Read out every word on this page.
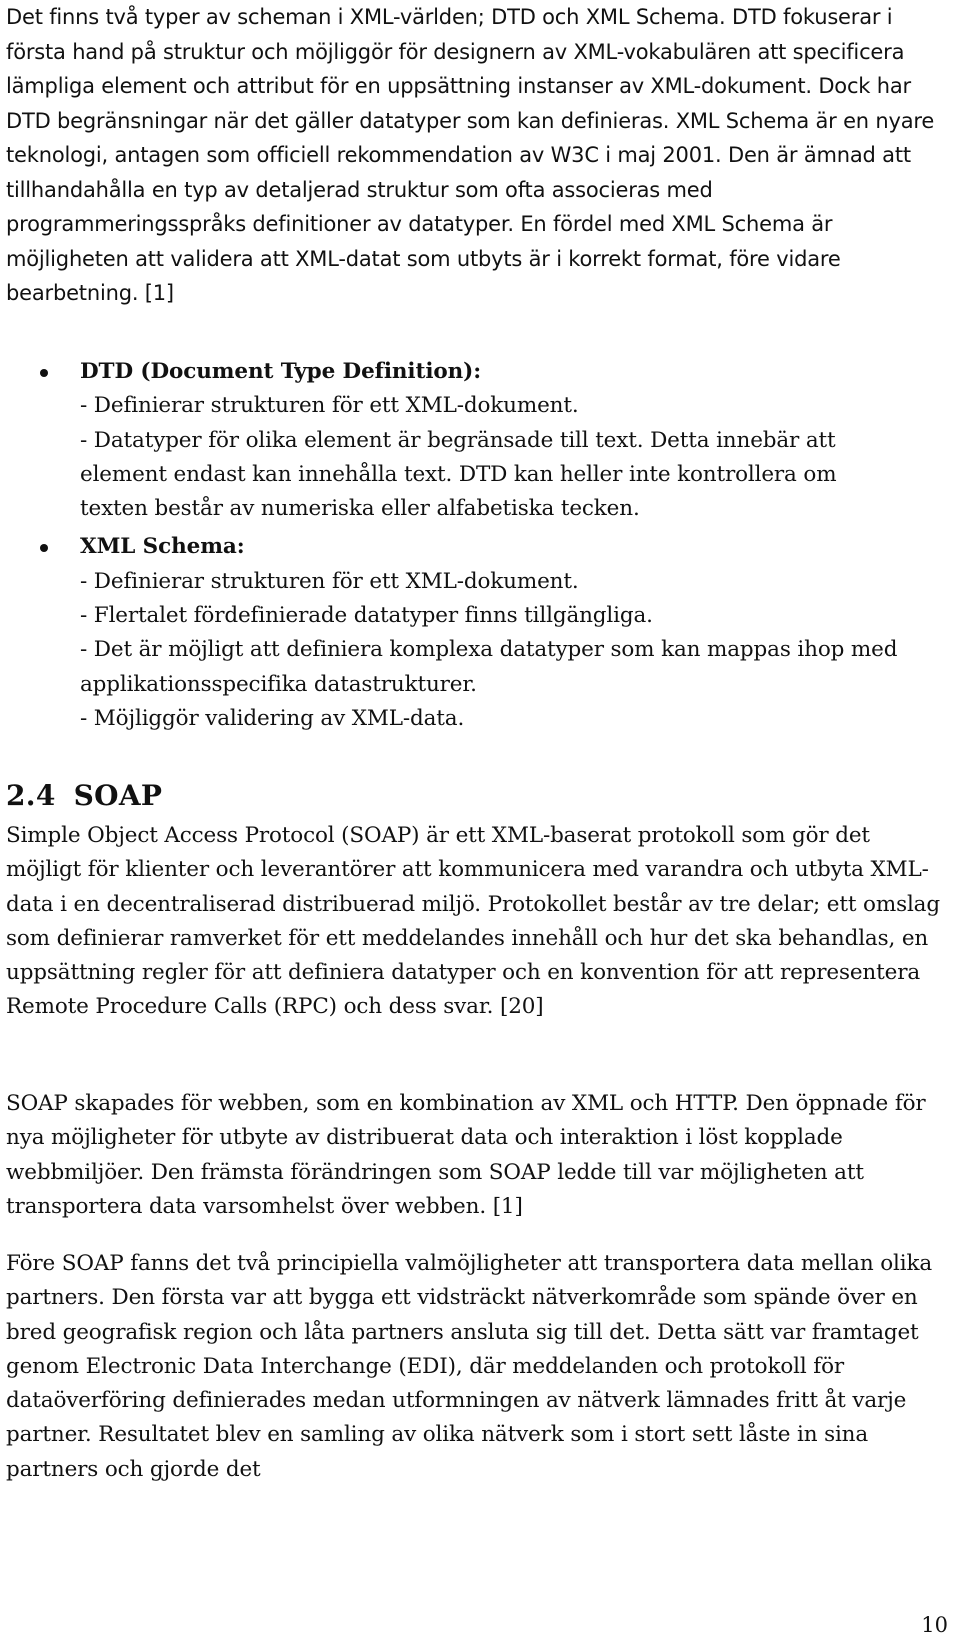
Det finns två typer av scheman i XML-världen; DTD och XML Schema. DTD fokuserar i första hand på struktur och möjliggör för designern av XML-vokabulären att specificera lämpliga element och attribut för en uppsättning instanser av XML-dokument. Dock har DTD begränsningar när det gäller datatyper som kan definieras. XML Schema är en nyare teknologi, antagen som officiell rekommendation av W3C i maj 2001. Den är ämnad att tillhandahålla en typ av detaljerad struktur som ofta associeras med programmeringsspråks definitioner av datatyper. En fördel med XML Schema är möjligheten att validera att XML-datat som utbyts är i korrekt format, före vidare bearbetning. [1]

DTD (Document Type Definition):
- Definierar strukturen för ett XML-dokument.
- Datatyper för olika element är begränsade till text. Detta innebär att element endast kan innehålla text. DTD kan heller inte kontrollera om texten består av numeriska eller alfabetiska tecken.
XML Schema:
- Definierar strukturen för ett XML-dokument.
- Flertalet fördefinierade datatyper finns tillgängliga.
- Det är möjligt att definiera komplexa datatyper som kan mappas ihop med applikationsspecifika datastrukturer.
- Möjliggör validering av XML-data.
2.4 SOAP

Simple Object Access Protocol (SOAP) är ett XML-baserat protokoll som gör det möjligt för klienter och leverantörer att kommunicera med varandra och utbyta XML-data i en decentraliserad distribuerad miljö. Protokollet består av tre delar; ett omslag som definierar ramverket för ett meddelandes innehåll och hur det ska behandlas, en uppsättning regler för att definiera datatyper och en konvention för att representera Remote Procedure Calls (RPC) och dess svar. [20]

SOAP skapades för webben, som en kombination av XML och HTTP. Den öppnade för nya möjligheter för utbyte av distribuerat data och interaktion i löst kopplade webbmiljöer. Den främsta förändringen som SOAP ledde till var möjligheten att transportera data varsomhelst över webben. [1]

Före SOAP fanns det två principiella valmöjligheter att transportera data mellan olika partners. Den första var att bygga ett vidsträckt nätverkområde som spände över en bred geografisk region och låta partners ansluta sig till det. Detta sätt var framtaget genom Electronic Data Interchange (EDI), där meddelanden och protokoll för dataöverföring definierades medan utformningen av nätverk lämnades fritt åt varje partner. Resultatet blev en samling av olika nätverk som i stort sett låste in sina partners och gjorde det

10
